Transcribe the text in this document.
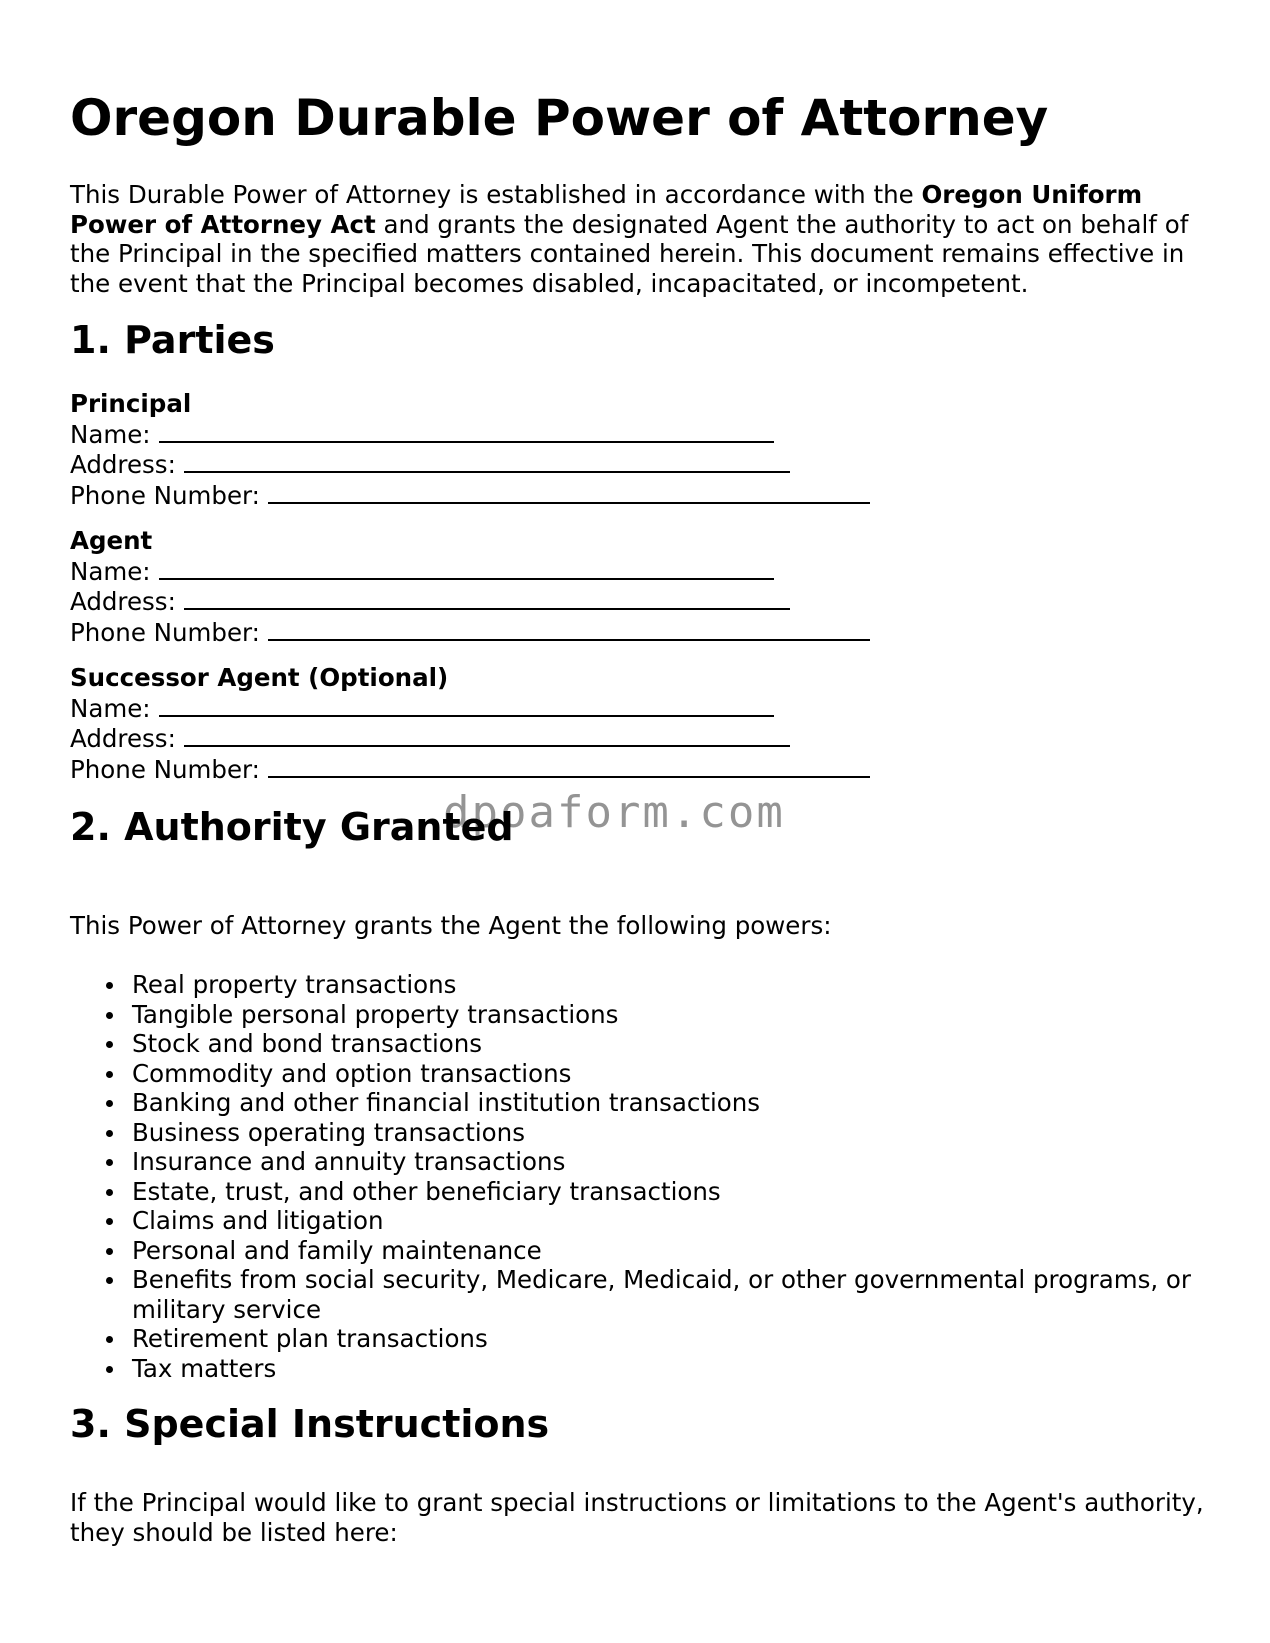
Oregon Durable Power of Attorney

This Durable Power of Attorney is established in accordance with the Oregon Uniform Power of Attorney Act and grants the designated Agent the authority to act on behalf of the Principal in the specified matters contained herein. This document remains effective in the event that the Principal becomes disabled, incapacitated, or incompetent.

1. Parties
Principal
Name:
Address:
Phone Number:
Agent
Name:
Address:
Phone Number:
Successor Agent (Optional)
Name:
Address:
Phone Number:
2. Authority Granted

This Power of Attorney grants the Agent the following powers:

Real property transactions
Tangible personal property transactions
Stock and bond transactions
Commodity and option transactions
Banking and other financial institution transactions
Business operating transactions
Insurance and annuity transactions
Estate, trust, and other beneficiary transactions
Claims and litigation
Personal and family maintenance
Benefits from social security, Medicare, Medicaid, or other governmental programs, or military service
Retirement plan transactions
Tax matters
3. Special Instructions

If the Principal would like to grant special instructions or limitations to the Agent's authority, they should be listed here:

dpoaform.com
